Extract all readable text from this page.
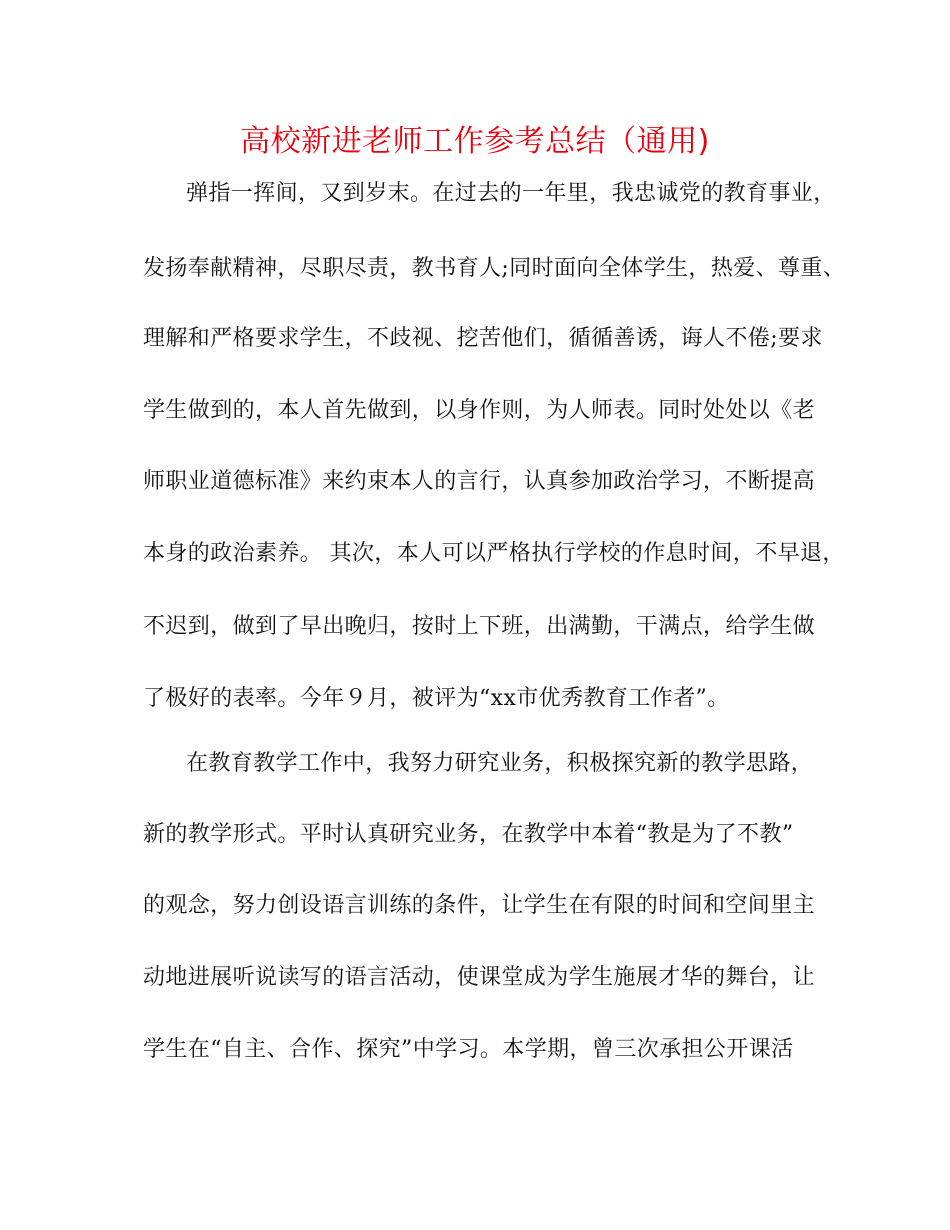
高校新进老师工作参考总结（通用)
弹指一挥间，又到岁末。在过去的一年里，我忠诚党的教育事业，
发扬奉献精神，尽职尽责，教书育人;同时面向全体学生，热爱、尊重、
理解和严格要求学生，不歧视、挖苦他们，循循善诱，诲人不倦;要求
学生做到的，本人首先做到，以身作则，为人师表。同时处处以《老
师职业道德标准》来约束本人的言行，认真参加政治学习，不断提高
本身的政治素养。 其次，本人可以严格执行学校的作息时间，不早退，
不迟到，做到了早出晚归，按时上下班，出满勤，干满点，给学生做
了极好的表率。今年９月，被评为“xx市优秀教育工作者”。
在教育教学工作中，我努力研究业务，积极探究新的教学思路，
新的教学形式。平时认真研究业务，在教学中本着“教是为了不教”
的观念，努力创设语言训练的条件，让学生在有限的时间和空间里主
动地进展听说读写的语言活动，使课堂成为学生施展才华的舞台，让
学生在“自主、合作、探究”中学习。本学期，曾三次承担公开课活
